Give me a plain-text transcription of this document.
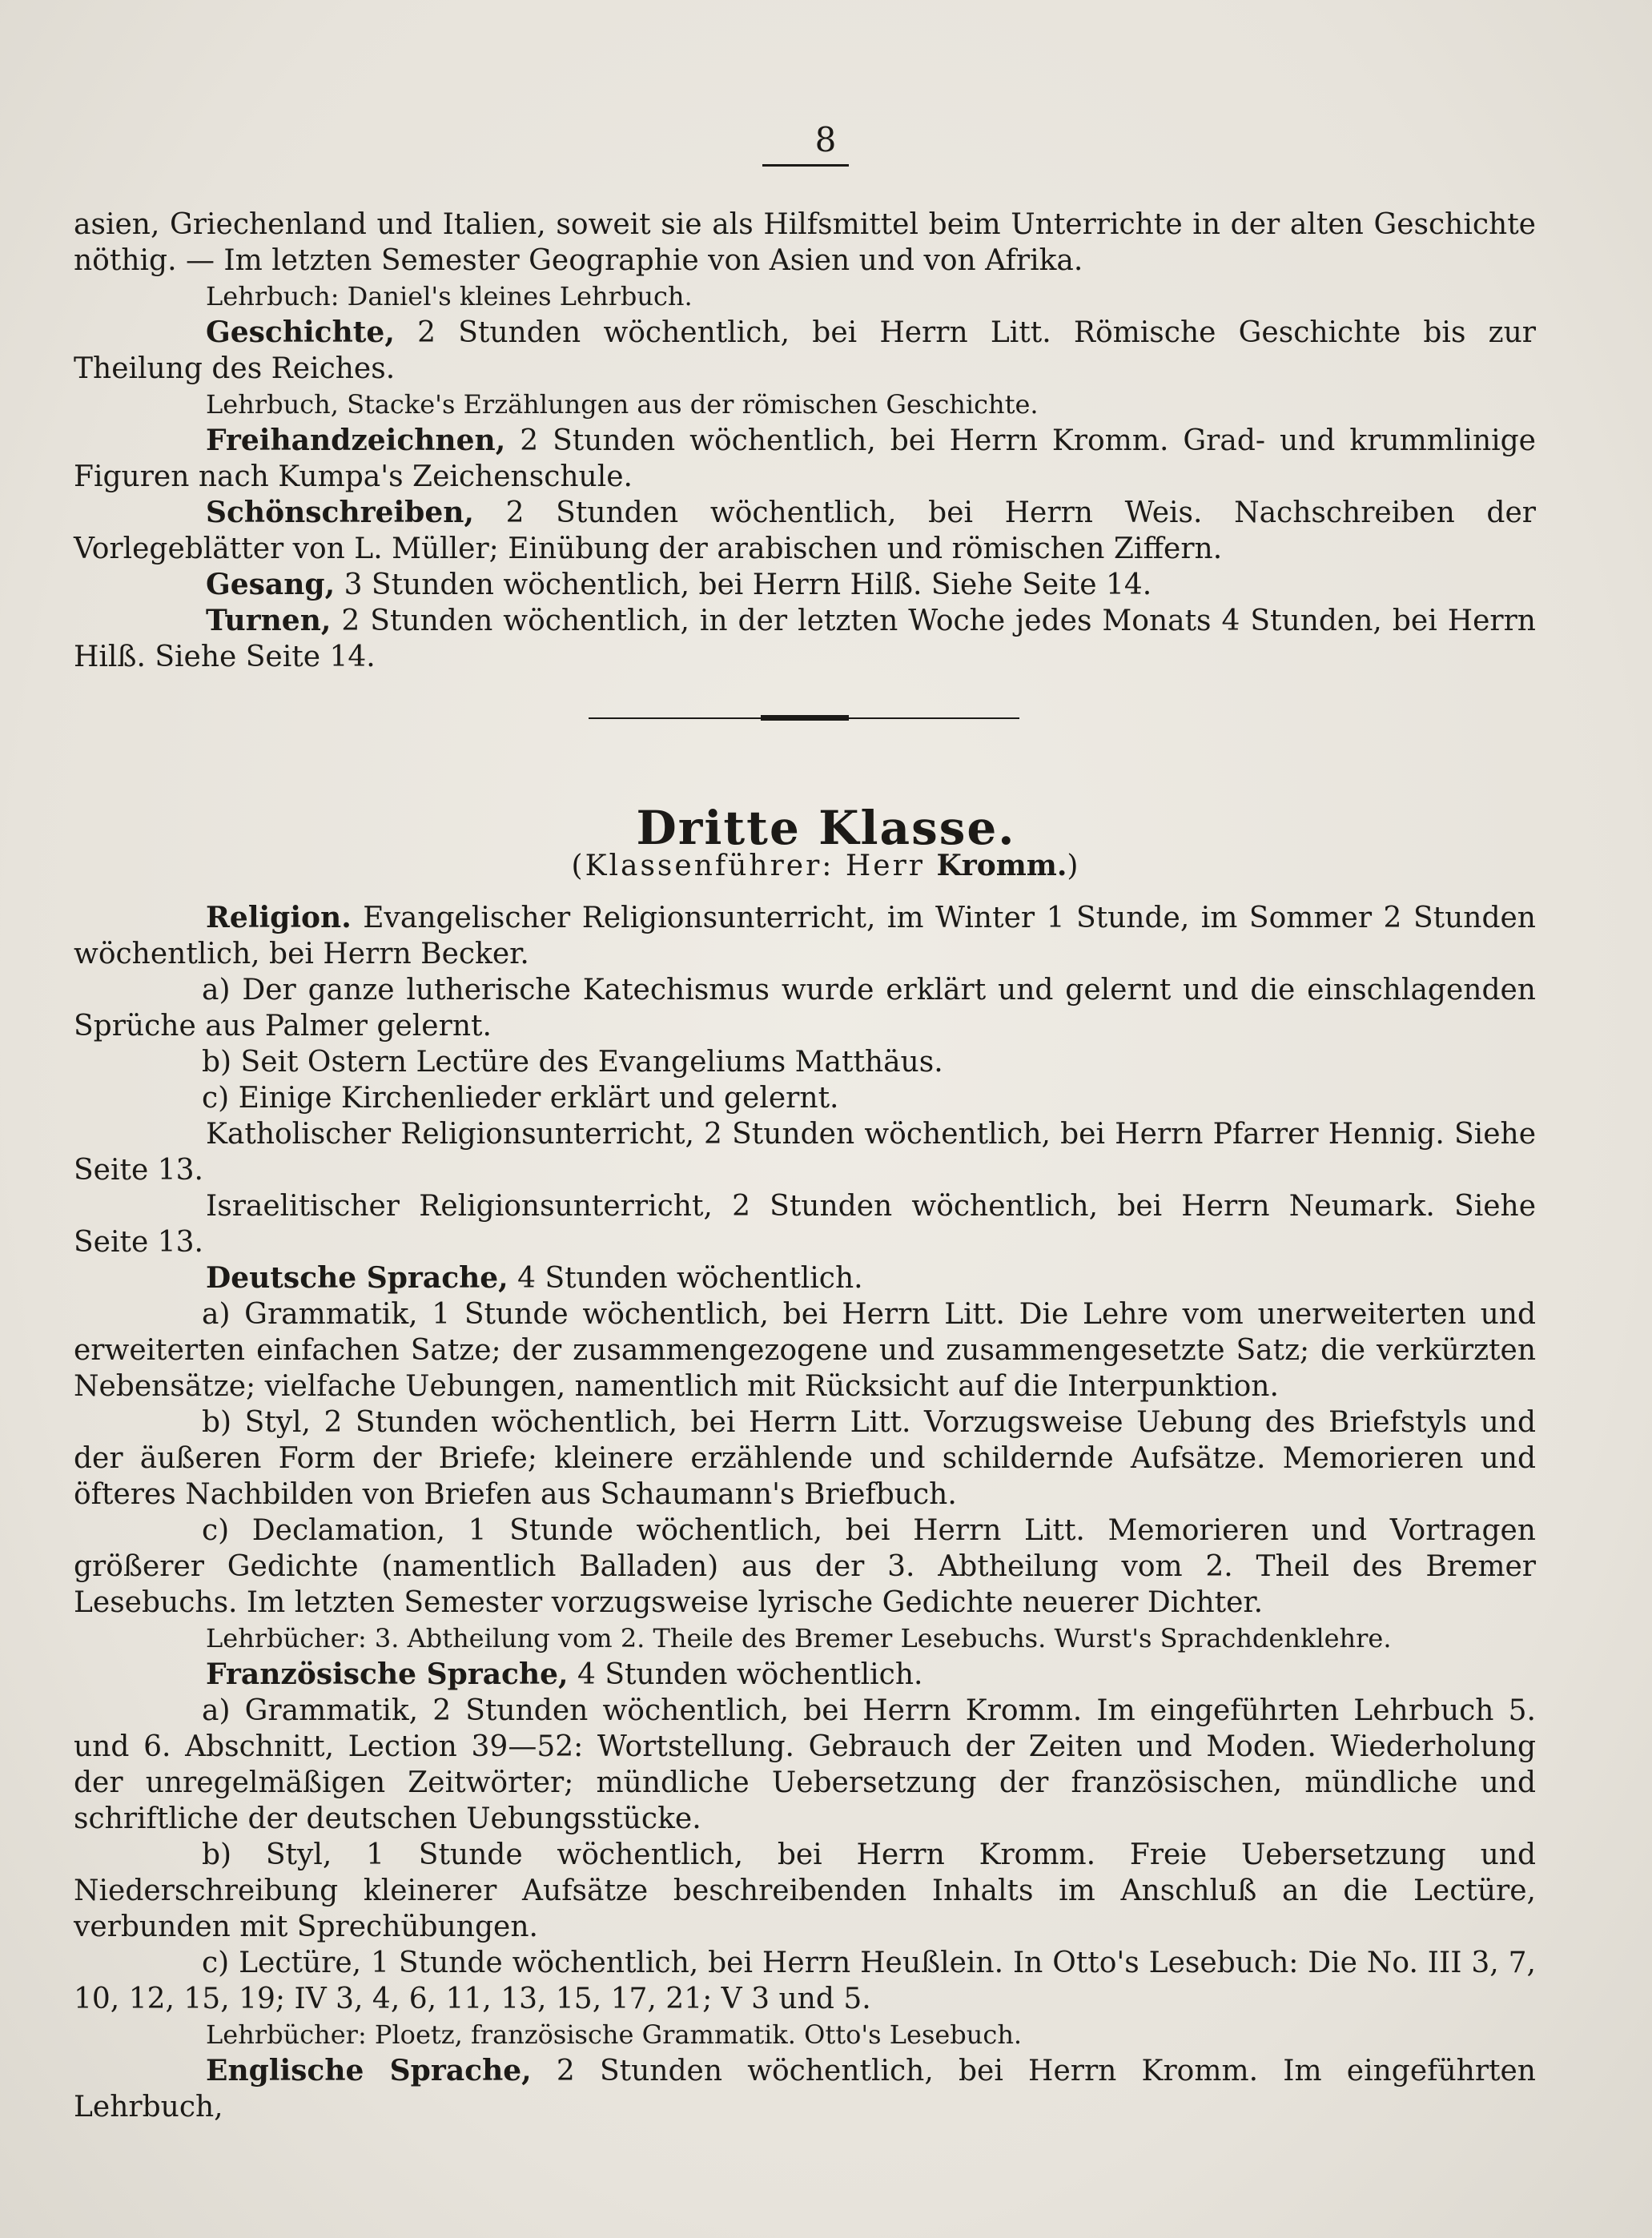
8

asien, Griechenland und Italien, soweit sie als Hilfsmittel beim Unterrichte in der alten Geschichte nöthig. — Im letzten Semester Geographie von Asien und von Afrika.

Lehrbuch: Daniel's kleines Lehrbuch.

Geschichte, 2 Stunden wöchentlich, bei Herrn Litt. Römische Geschichte bis zur Theilung des Reiches.

Lehrbuch, Stacke's Erzählungen aus der römischen Geschichte.

Freihandzeichnen, 2 Stunden wöchentlich, bei Herrn Kromm. Grad- und krummlinige Figuren nach Kumpa's Zeichenschule.

Schönschreiben, 2 Stunden wöchentlich, bei Herrn Weis. Nachschreiben der Vorlegeblätter von L. Müller; Einübung der arabischen und römischen Ziffern.

Gesang, 3 Stunden wöchentlich, bei Herrn Hilß. Siehe Seite 14.

Turnen, 2 Stunden wöchentlich, in der letzten Woche jedes Monats 4 Stunden, bei Herrn Hilß. Siehe Seite 14.

Dritte Klasse.
(Klassenführer: Herr Kromm.)

Religion. Evangelischer Religionsunterricht, im Winter 1 Stunde, im Sommer 2 Stunden wöchentlich, bei Herrn Becker.

a) Der ganze lutherische Katechismus wurde erklärt und gelernt und die einschlagenden Sprüche aus Palmer gelernt.

b) Seit Ostern Lectüre des Evangeliums Matthäus.

c) Einige Kirchenlieder erklärt und gelernt.

Katholischer Religionsunterricht, 2 Stunden wöchentlich, bei Herrn Pfarrer Hennig. Siehe Seite 13.

Israelitischer Religionsunterricht, 2 Stunden wöchentlich, bei Herrn Neumark. Siehe Seite 13.

Deutsche Sprache, 4 Stunden wöchentlich.

a) Grammatik, 1 Stunde wöchentlich, bei Herrn Litt. Die Lehre vom unerweiterten und erweiterten einfachen Satze; der zusammengezogene und zusammengesetzte Satz; die verkürzten Nebensätze; vielfache Uebungen, namentlich mit Rücksicht auf die Interpunktion.

b) Styl, 2 Stunden wöchentlich, bei Herrn Litt. Vorzugsweise Uebung des Briefstyls und der äußeren Form der Briefe; kleinere erzählende und schildernde Aufsätze. Memorieren und öfteres Nachbilden von Briefen aus Schaumann's Briefbuch.

c) Declamation, 1 Stunde wöchentlich, bei Herrn Litt. Memorieren und Vortragen größerer Gedichte (namentlich Balladen) aus der 3. Abtheilung vom 2. Theil des Bremer Lesebuchs. Im letzten Semester vorzugsweise lyrische Gedichte neuerer Dichter.

Lehrbücher: 3. Abtheilung vom 2. Theile des Bremer Lesebuchs. Wurst's Sprachdenklehre.

Französische Sprache, 4 Stunden wöchentlich.

a) Grammatik, 2 Stunden wöchentlich, bei Herrn Kromm. Im eingeführten Lehrbuch 5. und 6. Abschnitt, Lection 39—52: Wortstellung. Gebrauch der Zeiten und Moden. Wiederholung der unregelmäßigen Zeitwörter; mündliche Uebersetzung der französischen, mündliche und schriftliche der deutschen Uebungsstücke.

b) Styl, 1 Stunde wöchentlich, bei Herrn Kromm. Freie Uebersetzung und Niederschreibung kleinerer Aufsätze beschreibenden Inhalts im Anschluß an die Lectüre, verbunden mit Sprechübungen.

c) Lectüre, 1 Stunde wöchentlich, bei Herrn Heußlein. In Otto's Lesebuch: Die No. III 3, 7, 10, 12, 15, 19; IV 3, 4, 6, 11, 13, 15, 17, 21; V 3 und 5.

Lehrbücher: Ploetz, französische Grammatik. Otto's Lesebuch.

Englische Sprache, 2 Stunden wöchentlich, bei Herrn Kromm. Im eingeführten Lehrbuch,
